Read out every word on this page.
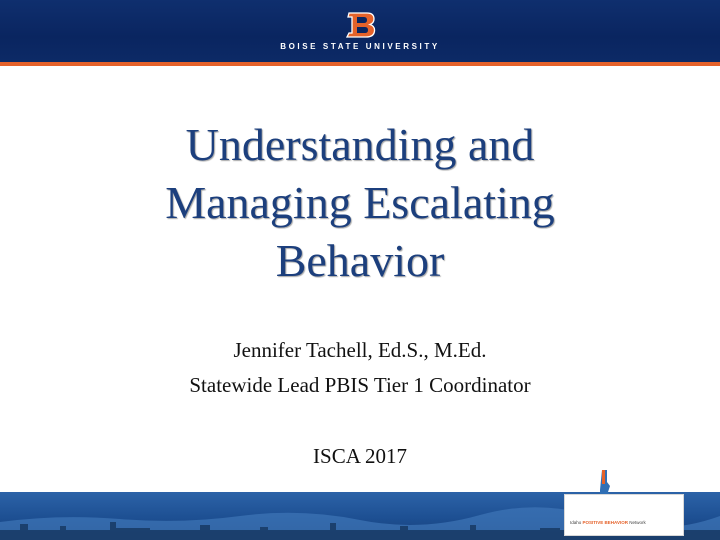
BOISE STATE UNIVERSITY
Understanding and
Managing Escalating
Behavior
Jennifer Tachell, Ed.S., M.Ed.
Statewide Lead PBIS Tier 1 Coordinator
ISCA 2017
Idaho POSITIVE BEHAVIOR Network
